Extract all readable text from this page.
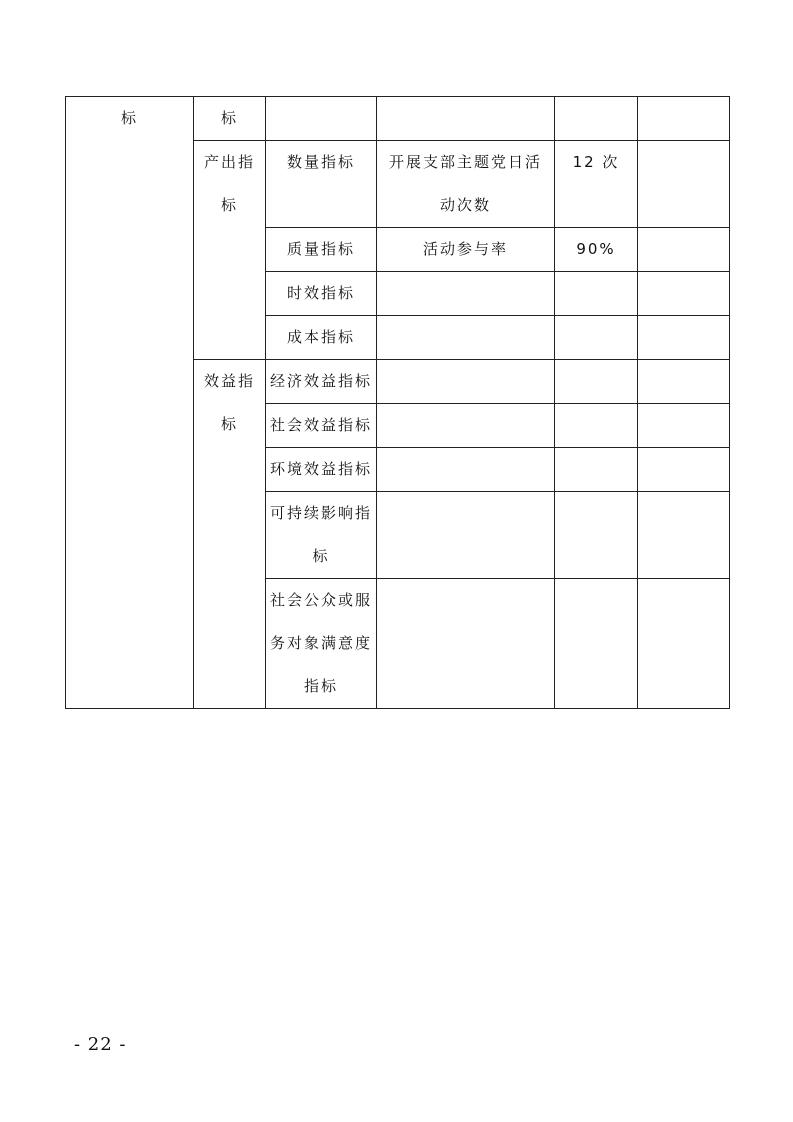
标	标				
	产出指标	数量指标	开展支部主题党日活动次数	12 次	
		质量指标	活动参与率	90%	
		时效指标			
		成本指标			
	效益指标	经济效益指标			
		社会效益指标			
		环境效益指标			
		可持续影响指标			
		社会公众或服务对象满意度指标			
- 22 -
